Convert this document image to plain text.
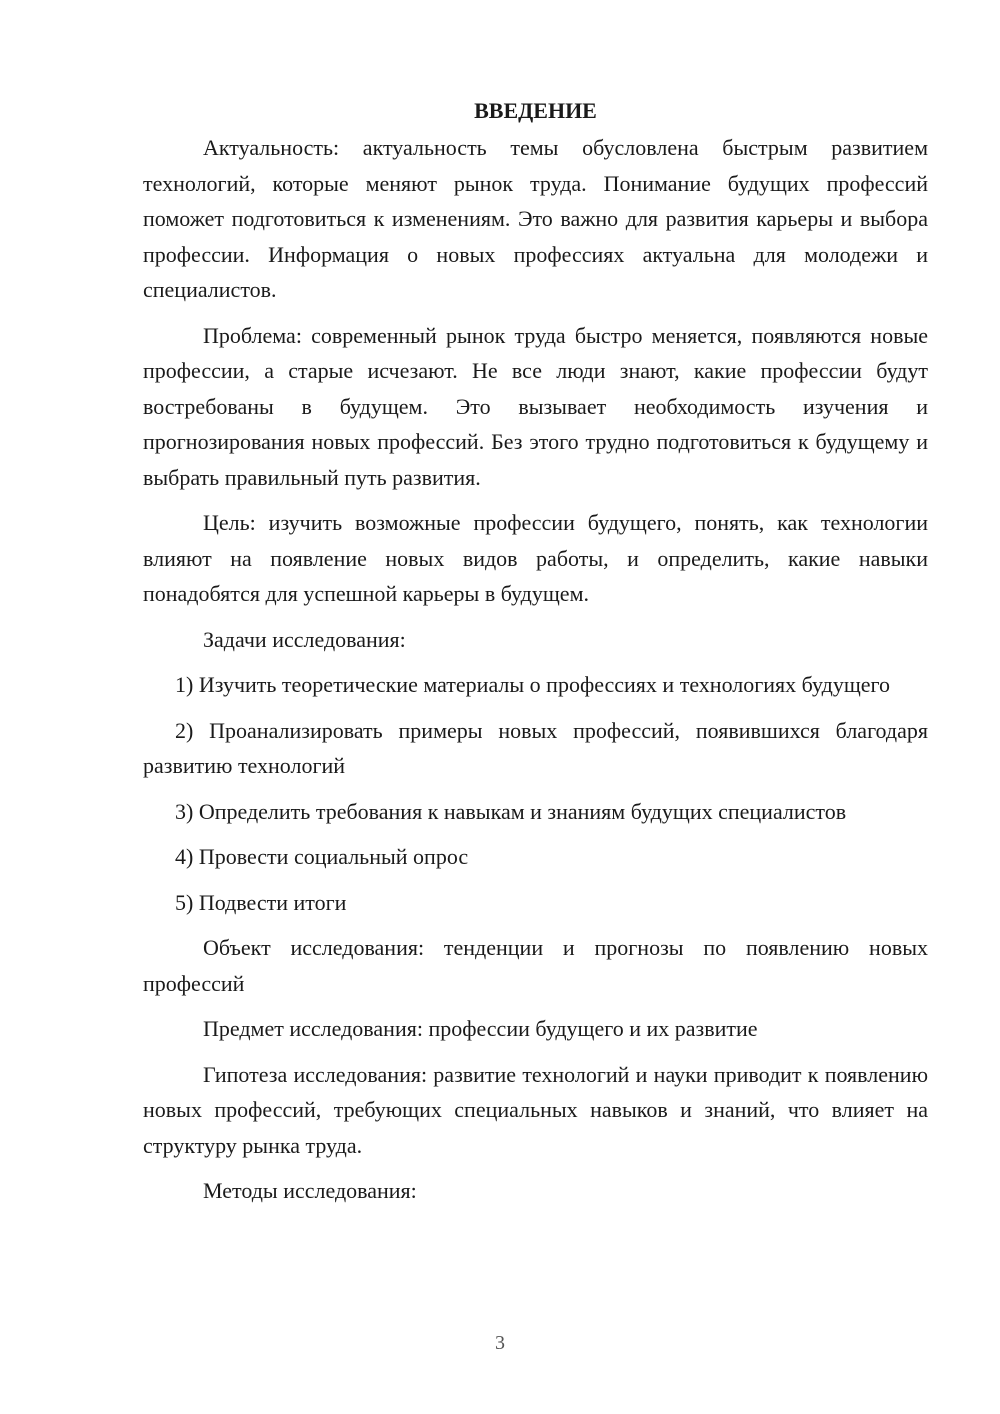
ВВЕДЕНИЕ

Актуальность: актуальность темы обусловлена быстрым развитием технологий, которые меняют рынок труда. Понимание будущих профессий поможет подготовиться к изменениям. Это важно для развития карьеры и выбора профессии. Информация о новых профессиях актуальна для молодежи и специалистов.

Проблема: современный рынок труда быстро меняется, появляются новые профессии, а старые исчезают. Не все люди знают, какие профессии будут востребованы в будущем. Это вызывает необходимость изучения и прогнозирования новых профессий. Без этого трудно подготовиться к будущему и выбрать правильный путь развития.

Цель: изучить возможные профессии будущего, понять, как технологии влияют на появление новых видов работы, и определить, какие навыки понадобятся для успешной карьеры в будущем.

Задачи исследования:

1) Изучить теоретические материалы о профессиях и технологиях будущего

2) Проанализировать примеры новых профессий, появившихся благодаря развитию технологий

3) Определить требования к навыкам и знаниям будущих специалистов

4) Провести социальный опрос

5) Подвести итоги

Объект исследования: тенденции и прогнозы по появлению новых профессий

Предмет исследования: профессии будущего и их развитие

Гипотеза исследования: развитие технологий и науки приводит к появлению новых профессий, требующих специальных навыков и знаний, что влияет на структуру рынка труда.

Методы исследования:

3
